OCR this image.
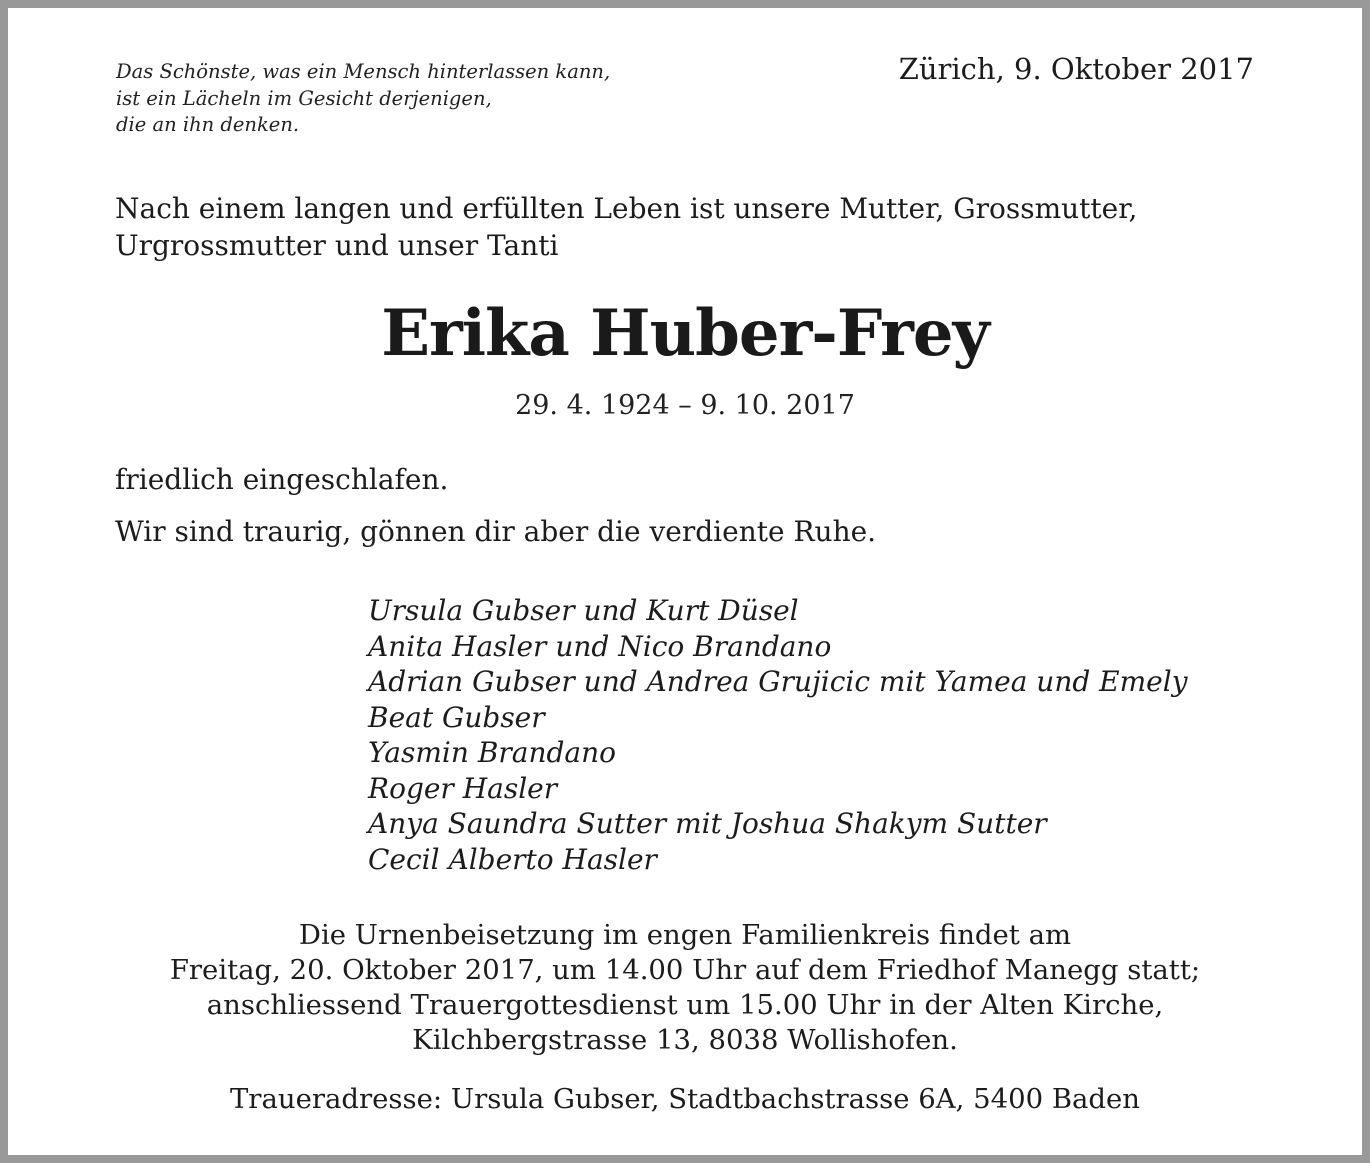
Das Schönste, was ein Mensch hinterlassen kann,
ist ein Lächeln im Gesicht derjenigen,
die an ihn denken.
Zürich, 9. Oktober 2017
Nach einem langen und erfüllten Leben ist unsere Mutter, Grossmutter,
Urgrossmutter und unser Tanti
Erika Huber-Frey
29. 4. 1924 – 9. 10. 2017
friedlich eingeschlafen.
Wir sind traurig, gönnen dir aber die verdiente Ruhe.
Ursula Gubser und Kurt Düsel
Anita Hasler und Nico Brandano
Adrian Gubser und Andrea Grujicic mit Yamea und Emely
Beat Gubser
Yasmin Brandano
Roger Hasler
Anya Saundra Sutter mit Joshua Shakym Sutter
Cecil Alberto Hasler
Die Urnenbeisetzung im engen Familienkreis findet am
Freitag, 20. Oktober 2017, um 14.00 Uhr auf dem Friedhof Manegg statt;
anschliessend Trauergottesdienst um 15.00 Uhr in der Alten Kirche,
Kilchbergstrasse 13, 8038 Wollishofen.
Traueradresse: Ursula Gubser, Stadtbachstrasse 6A, 5400 Baden
